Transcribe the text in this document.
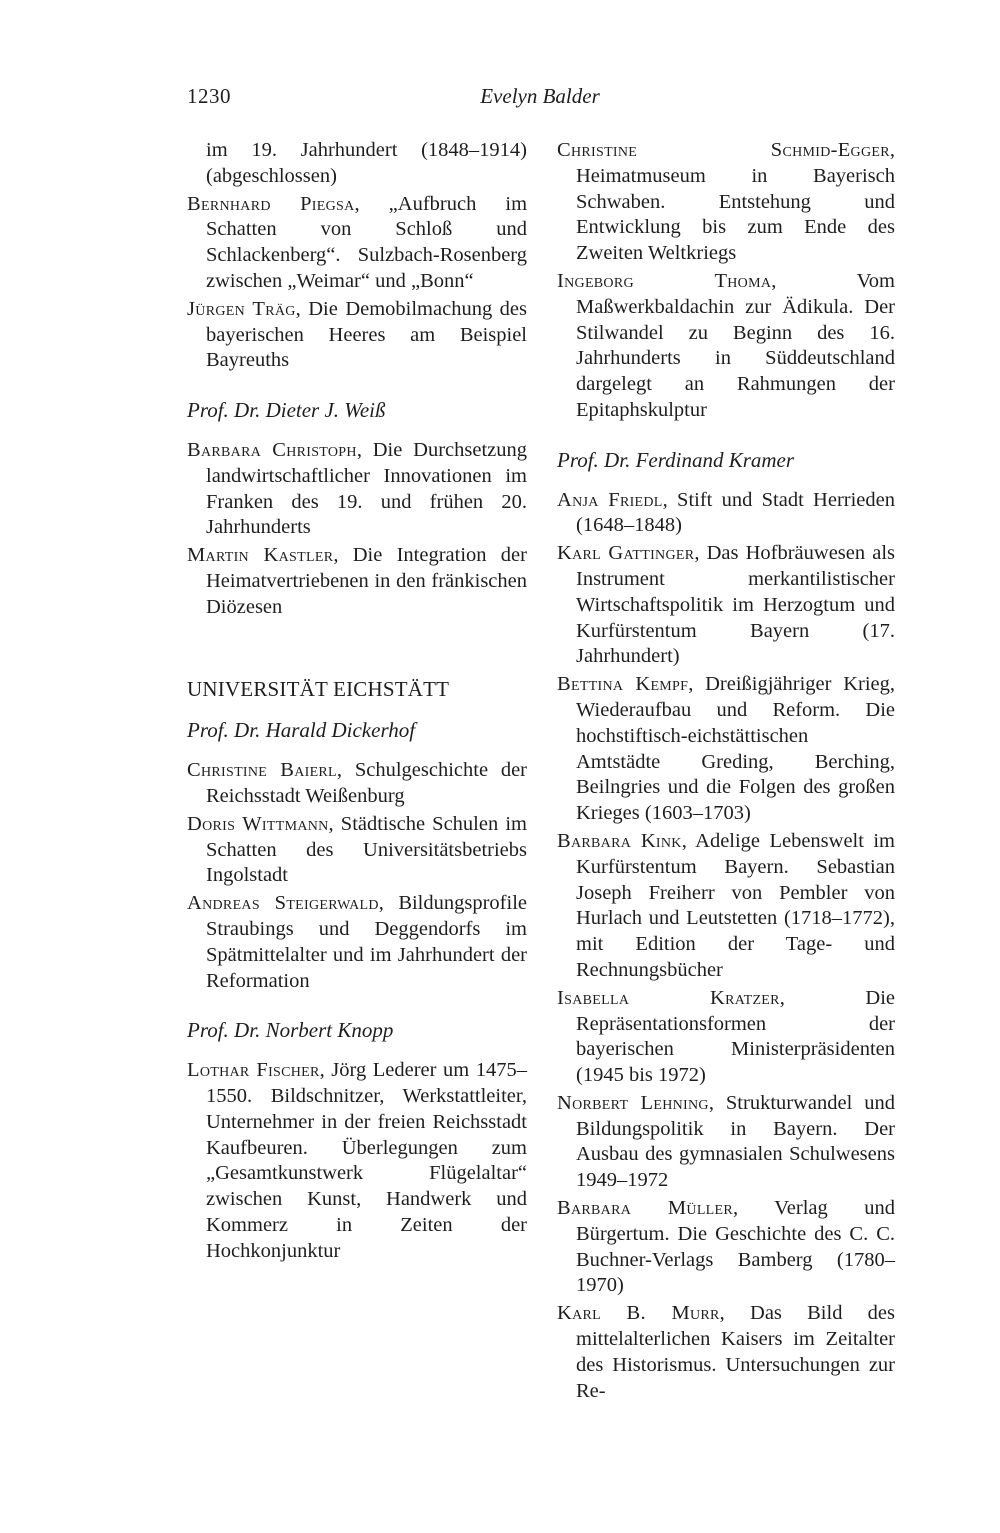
1230	Evelyn Balder

im 19. Jahrhundert (1848–1914) (abgeschlossen)

Bernhard Piegsa, „Aufbruch im Schatten von Schloß und Schlackenberg“. Sulzbach-Rosenberg zwischen „Weimar“ und „Bonn“

Jürgen Träg, Die Demobilmachung des bayerischen Heeres am Beispiel Bayreuths

Prof. Dr. Dieter J. Weiß

Barbara Christoph, Die Durchsetzung landwirtschaftlicher Innovationen im Franken des 19. und frühen 20. Jahrhunderts

Martin Kastler, Die Integration der Heimatvertriebenen in den fränkischen Diözesen

UNIVERSITÄT EICHSTÄTT
Prof. Dr. Harald Dickerhof

Christine Baierl, Schulgeschichte der Reichsstadt Weißenburg

Doris Wittmann, Städtische Schulen im Schatten des Universitätsbetriebs Ingolstadt

Andreas Steigerwald, Bildungsprofile Straubings und Deggendorfs im Spätmittelalter und im Jahrhundert der Reformation

Prof. Dr. Norbert Knopp

Lothar Fischer, Jörg Lederer um 1475–1550. Bildschnitzer, Werkstattleiter, Unternehmer in der freien Reichsstadt Kaufbeuren. Überlegungen zum „Gesamtkunstwerk Flügelaltar“ zwischen Kunst, Handwerk und Kommerz in Zeiten der Hochkonjunktur

Christine Schmid-Egger, Heimatmuseum in Bayerisch Schwaben. Entstehung und Entwicklung bis zum Ende des Zweiten Weltkriegs

Ingeborg Thoma, Vom Maßwerkbaldachin zur Ädikula. Der Stilwandel zu Beginn des 16. Jahrhunderts in Süddeutschland dargelegt an Rahmungen der Epitaphskulptur

Prof. Dr. Ferdinand Kramer

Anja Friedl, Stift und Stadt Herrieden (1648–1848)

Karl Gattinger, Das Hofbräuwesen als Instrument merkantilistischer Wirtschaftspolitik im Herzogtum und Kurfürstentum Bayern (17. Jahrhundert)

Bettina Kempf, Dreißigjähriger Krieg, Wiederaufbau und Reform. Die hochstiftisch-eichstättischen Amtstädte Greding, Berching, Beilngries und die Folgen des großen Krieges (1603–1703)

Barbara Kink, Adelige Lebenswelt im Kurfürstentum Bayern. Sebastian Joseph Freiherr von Pembler von Hurlach und Leutstetten (1718–1772), mit Edition der Tage- und Rechnungsbücher

Isabella Kratzer, Die Repräsentationsformen der bayerischen Ministerpräsidenten (1945 bis 1972)

Norbert Lehning, Strukturwandel und Bildungspolitik in Bayern. Der Ausbau des gymnasialen Schulwesens 1949–1972

Barbara Müller, Verlag und Bürgertum. Die Geschichte des C. C. Buchner-Verlags Bamberg (1780–1970)

Karl B. Murr, Das Bild des mittelalterlichen Kaisers im Zeitalter des Historismus. Untersuchungen zur Re-
